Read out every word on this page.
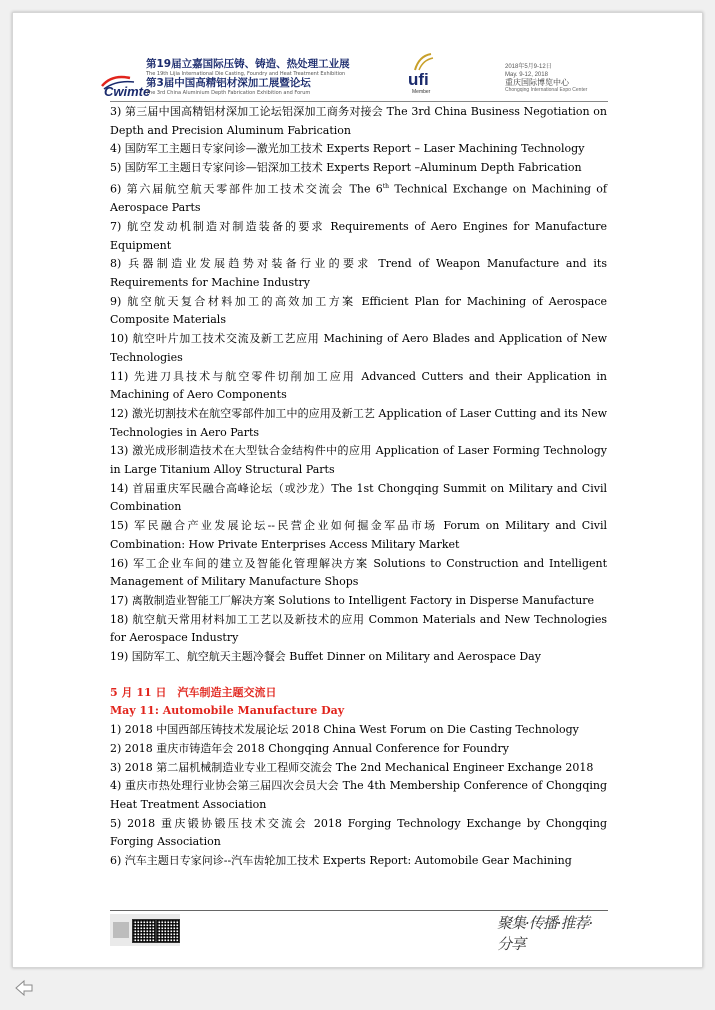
Cwimte
第19届立嘉国际压铸、铸造、热处理工业展
The 19th Lijia International Die Casting, Foundry and Heat Treatment Exhibition
第3届中国高精铝材深加工展暨论坛
The 3rd China Aluminium Depth Fabrication Exhibition and Forum
ufi
Member
2018年5月9-12日
May. 9-12, 2018
重庆国际博览中心
Chongqing International Expo Center

3) 第三届中国高精铝材深加工论坛铝深加工商务对接会 The 3rd China Business Negotiation on Depth and Precision Aluminum Fabrication

4) 国防军工主题日专家问诊—激光加工技术 Experts Report – Laser Machining Technology

5) 国防军工主题日专家问诊—铝深加工技术 Experts Report –Aluminum Depth Fabrication

6) 第六届航空航天零部件加工技术交流会 The 6th Technical Exchange on Machining of Aerospace Parts

7) 航空发动机制造对制造装备的要求 Requirements of Aero Engines for Manufacture Equipment

8) 兵器制造业发展趋势对装备行业的要求 Trend of Weapon Manufacture and its Requirements for Machine Industry

9) 航空航天复合材料加工的高效加工方案 Efficient Plan for Machining of Aerospace Composite Materials

10) 航空叶片加工技术交流及新工艺应用 Machining of Aero Blades and Application of New Technologies

11) 先进刀具技术与航空零件切削加工应用 Advanced Cutters and their Application in Machining of Aero Components

12) 激光切割技术在航空零部件加工中的应用及新工艺 Application of Laser Cutting and its New Technologies in Aero Parts

13) 激光成形制造技术在大型钛合金结构件中的应用 Application of Laser Forming Technology in Large Titanium Alloy Structural Parts

14) 首届重庆军民融合高峰论坛（或沙龙）The 1st Chongqing Summit on Military and Civil Combination

15) 军民融合产业发展论坛--民营企业如何掘金军品市场 Forum on Military and Civil Combination: How Private Enterprises Access Military Market

16) 军工企业车间的建立及智能化管理解决方案 Solutions to Construction and Intelligent Management of Military Manufacture Shops

17) 离散制造业智能工厂解决方案 Solutions to Intelligent Factory in Disperse Manufacture

18) 航空航天常用材料加工工艺以及新技术的应用 Common Materials and New Technologies for Aerospace Industry

19) 国防军工、航空航天主题冷餐会 Buffet Dinner on Military and Aerospace Day

5 月 11 日　汽车制造主题交流日

May 11: Automobile Manufacture Day

1) 2018 中国西部压铸技术发展论坛 2018 China West Forum on Die Casting Technology

2) 2018 重庆市铸造年会 2018 Chongqing Annual Conference for Foundry

3) 2018 第二届机械制造业专业工程师交流会 The 2nd Mechanical Engineer Exchange 2018

4) 重庆市热处理行业协会第三届四次会员大会 The 4th Membership Conference of Chongqing Heat Treatment Association

5) 2018 重庆锻协锻压技术交流会 2018 Forging Technology Exchange by Chongqing Forging Association

6) 汽车主题日专家问诊--汽车齿轮加工技术 Experts Report: Automobile Gear Machining

聚集·传播·推荐·分享
